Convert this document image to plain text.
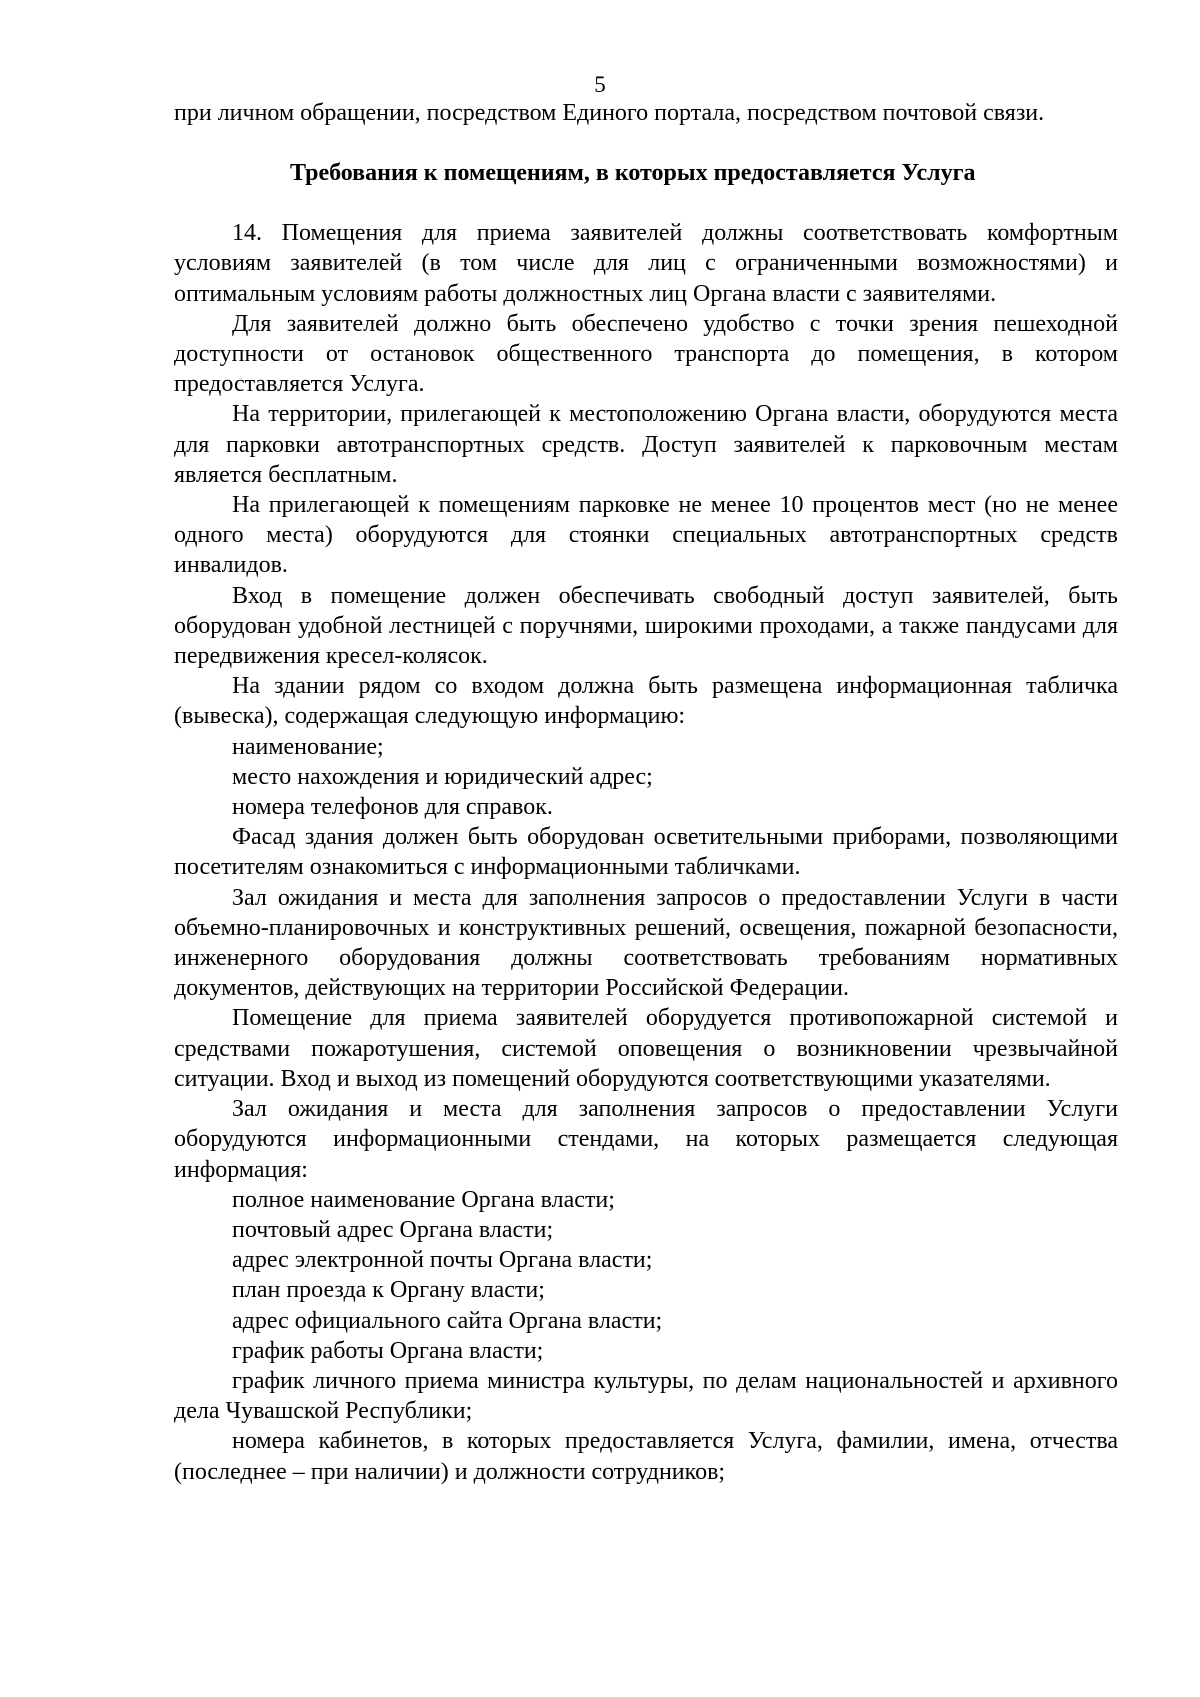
5

при личном обращении, посредством Единого портала, посредством почтовой связи.

Требования к помещениям, в которых предоставляется Услуга

14. Помещения для приема заявителей должны соответствовать комфортным условиям заявителей (в том числе для лиц с ограниченными возможностями) и оптимальным условиям работы должностных лиц Органа власти с заявителями.

Для заявителей должно быть обеспечено удобство с точки зрения пешеходной доступности от остановок общественного транспорта до помещения, в котором предоставляется Услуга.

На территории, прилегающей к местоположению Органа власти, оборудуются места для парковки автотранспортных средств. Доступ заявителей к парковочным местам является бесплатным.

На прилегающей к помещениям парковке не менее 10 процентов мест (но не менее одного места) оборудуются для стоянки специальных автотранспортных средств инвалидов.

Вход в помещение должен обеспечивать свободный доступ заявителей, быть оборудован удобной лестницей с поручнями, широкими проходами, а также пандусами для передвижения кресел-колясок.

На здании рядом со входом должна быть размещена информационная табличка (вывеска), содержащая следующую информацию:

наименование;

место нахождения и юридический адрес;

номера телефонов для справок.

Фасад здания должен быть оборудован осветительными приборами, позволяющими посетителям ознакомиться с информационными табличками.

Зал ожидания и места для заполнения запросов о предоставлении Услуги в части объемно-планировочных и конструктивных решений, освещения, пожарной безопасности, инженерного оборудования должны соответствовать требованиям нормативных документов, действующих на территории Российской Федерации.

Помещение для приема заявителей оборудуется противопожарной системой и средствами пожаротушения, системой оповещения о возникновении чрезвычайной ситуации. Вход и выход из помещений оборудуются соответствующими указателями.

Зал ожидания и места для заполнения запросов о предоставлении Услуги оборудуются информационными стендами, на которых размещается следующая информация:

полное наименование Органа власти;

почтовый адрес Органа власти;

адрес электронной почты Органа власти;

план проезда к Органу власти;

адрес официального сайта Органа власти;

график работы Органа власти;

график личного приема министра культуры, по делам национальностей и архивного дела Чувашской Республики;

номера кабинетов, в которых предоставляется Услуга, фамилии, имена, отчества (последнее – при наличии) и должности сотрудников;
